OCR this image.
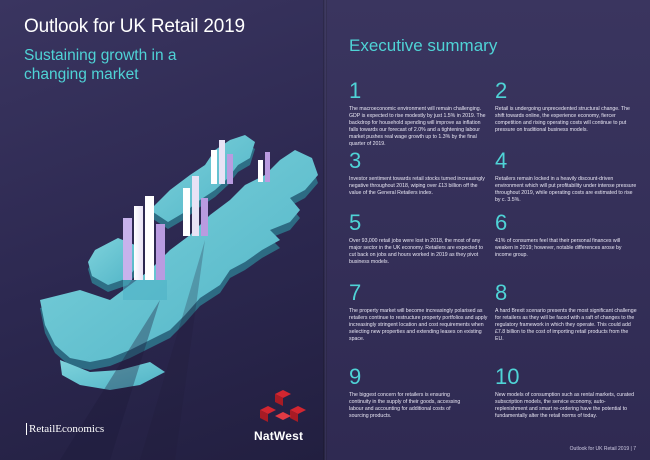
Outlook for UK Retail 2019
Sustaining growth in a changing market
RetailEconomics	NatWest
Executive summary
1
The macroeconomic environment will remain challenging. GDP is expected to rise modestly by just 1.5% in 2019. The backdrop for household spending will improve as inflation falls towards our forecast of 2.0% and a tightening labour market pushes real wage growth up to 1.3% by the final quarter of 2019.
2
Retail is undergoing unprecedented structural change. The shift towards online, the experience economy, fiercer competition and rising operating costs will continue to put pressure on traditional business models.
3
Investor sentiment towards retail stocks turned increasingly negative throughout 2018, wiping over £13 billion off the value of the General Retailers index.
4
Retailers remain locked in a heavily discount-driven environment which will put profitability under intense pressure throughout 2019, while operating costs are estimated to rise by c. 3.5%.
5
Over 93,000 retail jobs were lost in 2018, the most of any major sector in the UK economy. Retailers are expected to cut back on jobs and hours worked in 2019 as they pivot business models.
6
41% of consumers feel that their personal finances will weaken in 2019; however, notable differences arose by income group.
7
The property market will become increasingly polarised as retailers continue to restructure property portfolios and apply increasingly stringent location and cost requirements when selecting new properties and extending leases on existing space.
8
A hard Brexit scenario presents the most significant challenge for retailers as they will be faced with a raft of changes to the regulatory framework in which they operate. This could add £7.8 billion to the cost of importing retail products from the EU.
9
The biggest concern for retailers is ensuring continuity in the supply of their goods, accessing labour and accounting for additional costs of sourcing products.
10
New models of consumption such as rental markets, curated subscription models, the service economy, auto-replenishment and smart re-ordering have the potential to fundamentally alter the retail norms of today.
Outlook for UK Retail 2019 | 7
